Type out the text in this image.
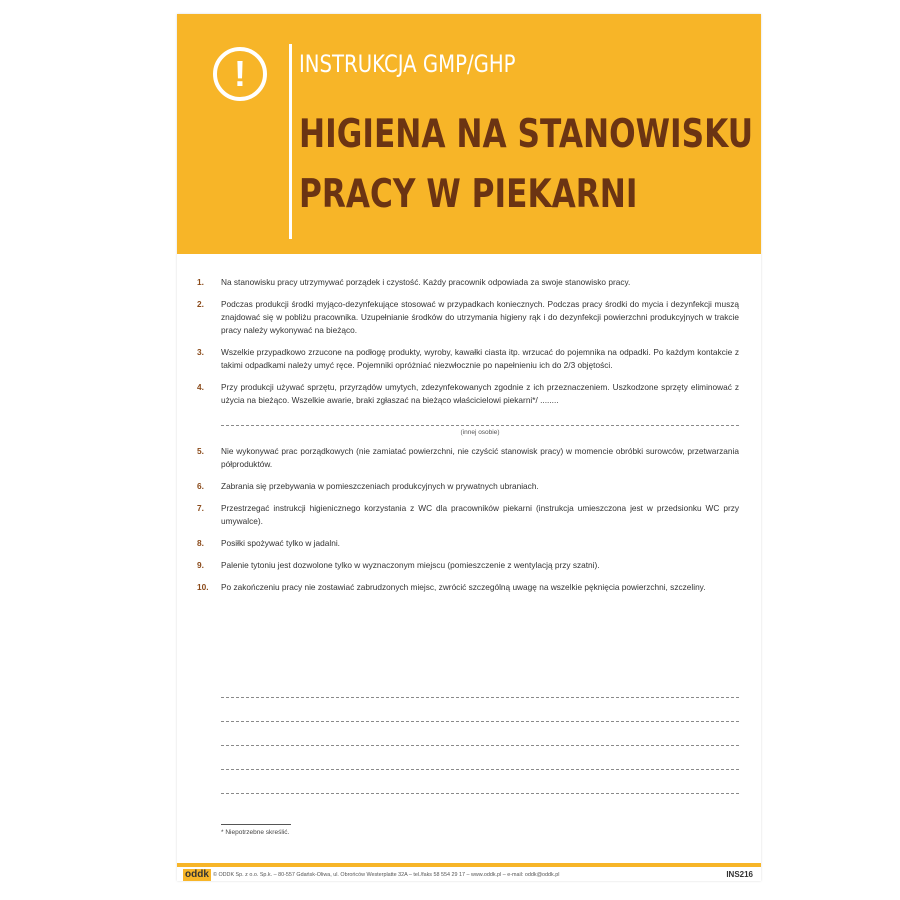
!	INSTRUKCJA GMP/GHP
HIGIENA NA STANOWISKU
PRACY W PIEKARNI
1.	Na stanowisku pracy utrzymywać porządek i czystość. Każdy pracownik odpowiada za swoje stanowisko pracy.
2.	Podczas produkcji środki myjąco-dezynfekujące stosować w przypadkach koniecznych. Podczas pracy środki do mycia i dezynfekcji muszą znajdować się w pobliżu pracownika. Uzupełnianie środków do utrzymania higieny rąk i do dezynfekcji powierzchni produkcyjnych w trakcie pracy należy wykonywać na bieżąco.
3.	Wszelkie przypadkowo zrzucone na podłogę produkty, wyroby, kawałki ciasta itp. wrzucać do pojemnika na odpadki. Po każdym kontakcie z takimi odpadkami należy umyć ręce. Pojemniki opróżniać niezwłocznie po napełnieniu ich do 2/3 objętości.
4.	Przy produkcji używać sprzętu, przyrządów umytych, zdezynfekowanych zgodnie z ich przeznaczeniem. Uszkodzone sprzęty eliminować z użycia na bieżąco. Wszelkie awarie, braki zgłaszać na bieżąco właścicielowi piekarni*/ ........
(innej osobie)
5.	Nie wykonywać prac porządkowych (nie zamiatać powierzchni, nie czyścić stanowisk pracy) w momencie obróbki surowców, przetwarzania półproduktów.
6.	Zabrania się przebywania w pomieszczeniach produkcyjnych w prywatnych ubraniach.
7.	Przestrzegać instrukcji higienicznego korzystania z WC dla pracowników piekarni (instrukcja umieszczona jest w przedsionku WC przy umywalce).
8.	Posiłki spożywać tylko w jadalni.
9.	Palenie tytoniu jest dozwolone tylko w wyznaczonym miejscu (pomieszczenie z wentylacją przy szatni).
10.	Po zakończeniu pracy nie zostawiać zabrudzonych miejsc, zwrócić szczególną uwagę na wszelkie pęknięcia powierzchni, szczeliny.
* Niepotrzebne skreślić.
oddk © ODDK Sp. z o.o. Sp.k. – 80-557 Gdańsk-Oliwa, ul. Obrońców Westerplatte 32A – tel./faks 58 554 29 17 – www.oddk.pl – e-mail: oddk@oddk.pl	INS216
